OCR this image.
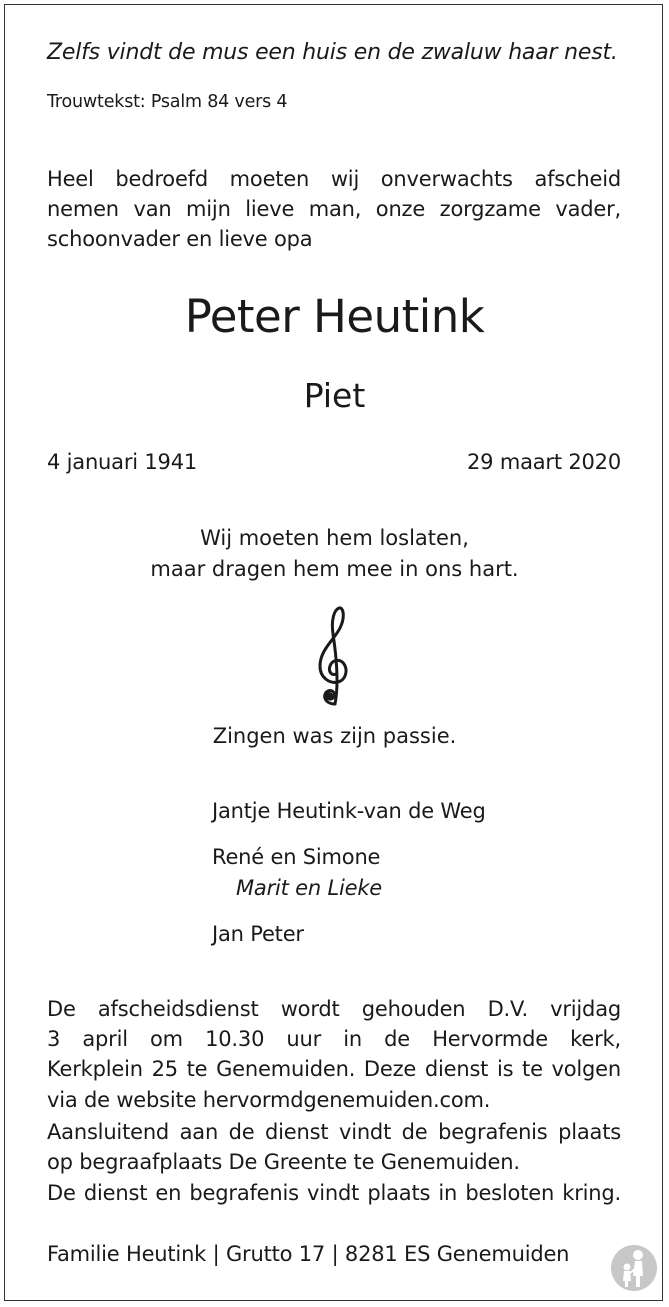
Zelfs vindt de mus een huis en de zwaluw haar nest.
Trouwtekst: Psalm 84 vers 4
Heel bedroefd moeten wij onverwachts afscheid
nemen van mijn lieve man, onze zorgzame vader,
schoonvader en lieve opa
Peter Heutink
Piet
4 januari 1941	29 maart 2020
Wij moeten hem loslaten,
maar dragen hem mee in ons hart.
Zingen was zijn passie.
Jantje Heutink-van de Weg
René en Simone
Marit en Lieke
Jan Peter
De afscheidsdienst wordt gehouden D.V. vrijdag
3 april om 10.30 uur in de Hervormde kerk,
Kerkplein 25 te Genemuiden. Deze dienst is te volgen
via de website hervormdgenemuiden.com.
Aansluitend aan de dienst vindt de begrafenis plaats
op begraafplaats De Greente te Genemuiden.
De dienst en begrafenis vindt plaats in besloten kring.
Familie Heutink | Grutto 17 | 8281 ES Genemuiden
